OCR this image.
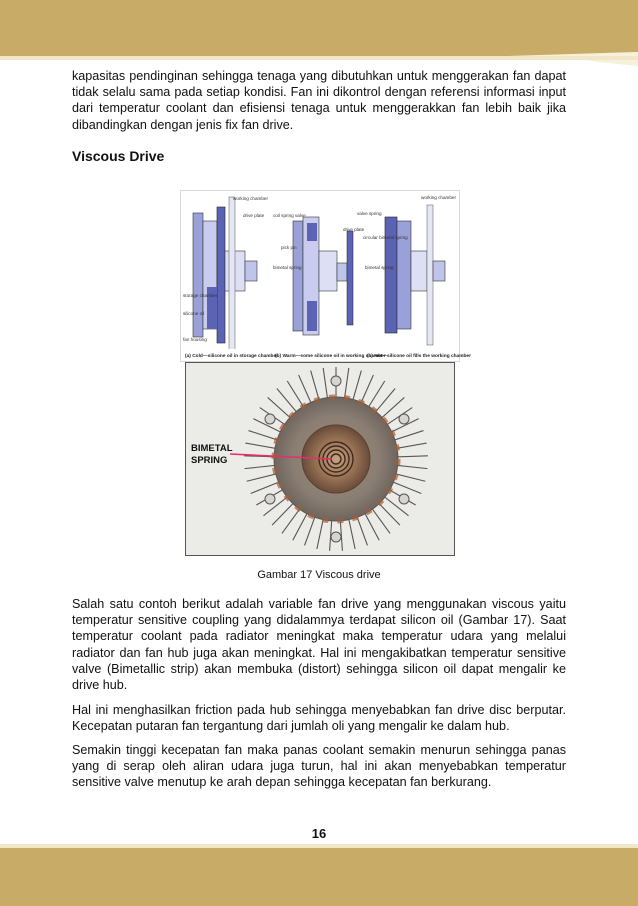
kapasitas pendinginan sehingga tenaga yang dibutuhkan untuk menggerakan fan dapat tidak selalu sama pada setiap kondisi. Fan ini dikontrol dengan referensi informasi input dari temperatur coolant dan efisiensi tenaga untuk menggerakkan fan lebih baik jika dibandingkan dengan jenis fix fan drive.

Viscous Drive
working chamber
drive plate
storage chamber
silicone oil
fan housing
coil spring valve
pick pin
bimetal spring
drive plate
valve spring
working chamber
circular bimetal spring
bimetal spring
(a) Cold—silicone oil in storage chamber
(b) Warm—some silicone oil in working chamber
(c) Hot—silicone oil fills the working chamber
BIMETAL
SPRING
Gambar 17 Viscous drive

Salah satu contoh berikut adalah variable fan drive yang menggunakan viscous yaitu temperatur sensitive coupling yang didalammya terdapat silicon oil (Gambar 17). Saat temperatur coolant pada radiator meningkat maka temperatur udara yang melalui radiator dan fan hub juga akan meningkat. Hal ini mengakibatkan temperatur sensitive valve (Bimetallic strip) akan membuka (distort) sehingga silicon oil dapat mengalir ke drive hub.

Hal ini menghasilkan friction pada hub sehingga menyebabkan fan drive disc berputar. Kecepatan putaran fan tergantung dari jumlah oli yang mengalir ke dalam hub.

Semakin tinggi kecepatan fan maka panas coolant semakin menurun sehingga panas yang di serap oleh aliran udara juga turun, hal ini akan menyebabkan temperatur sensitive valve menutup ke arah depan sehingga kecepatan fan berkurang.

16
